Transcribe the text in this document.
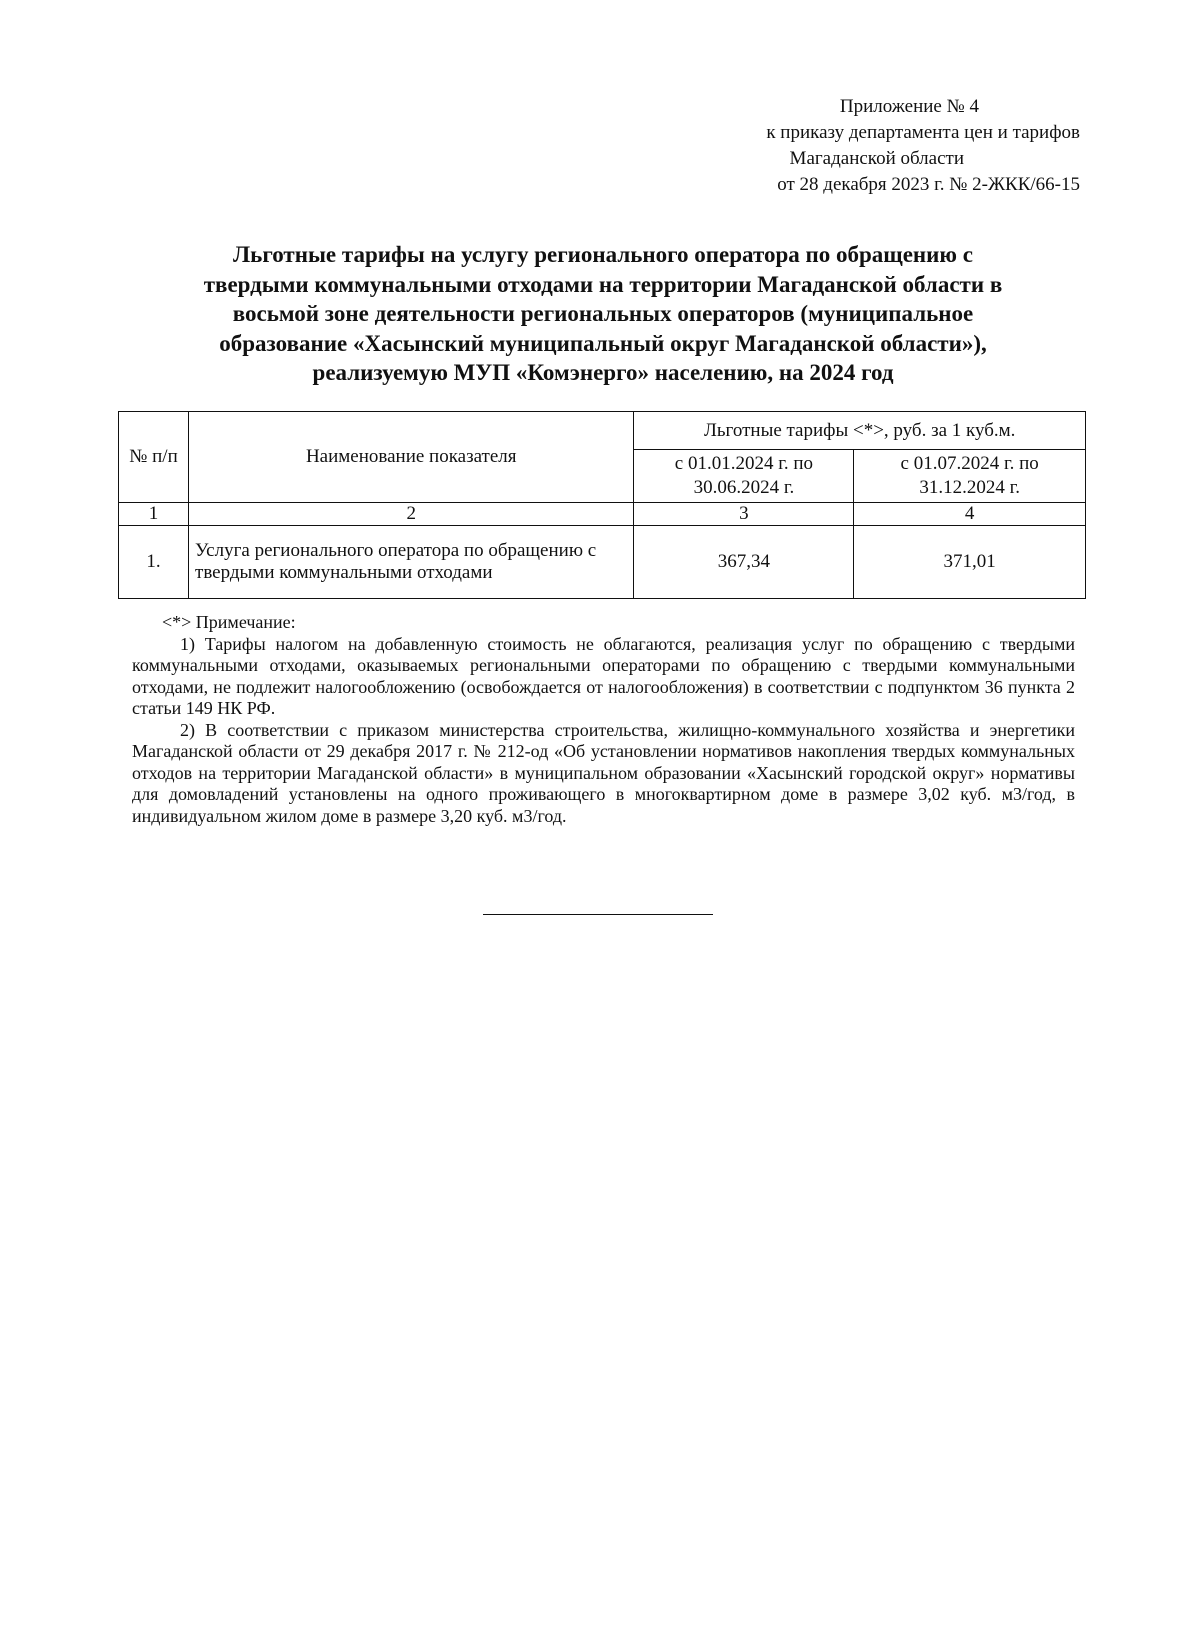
Приложение № 4
к приказу департамента цен и тарифов
Магаданской области
от 28 декабря 2023 г. № 2-ЖКК/66-15
Льготные тарифы на услугу регионального оператора по обращению с
твердыми коммунальными отходами на территории Магаданской области в
восьмой зоне деятельности региональных операторов (муниципальное
образование «Хасынский муниципальный округ Магаданской области»),
реализуемую МУП «Комэнерго» населению, на 2024 год
№ п/п	Наименование показателя	Льготные тарифы <*>, руб. за 1 куб.м.	
		с 01.01.2024 г. по 30.06.2024 г.	с 01.07.2024 г. по 31.12.2024 г.
1	2	3	4
1.	Услуга регионального оператора по обращению с твердыми коммунальными отходами	367,34	371,01

<*> Примечание:

1) Тарифы налогом на добавленную стоимость не облагаются, реализация услуг по обращению с твердыми коммунальными отходами, оказываемых региональными операторами по обращению с твердыми коммунальными отходами, не подлежит налогообложению (освобождается от налогообложения) в соответствии с подпунктом 36 пункта 2 статьи 149 НК РФ.

2) В соответствии с приказом министерства строительства, жилищно-коммунального хозяйства и энергетики Магаданской области от 29 декабря 2017 г. № 212-од «Об установлении нормативов накопления твердых коммунальных отходов на территории Магаданской области» в муниципальном образовании «Хасынский городской округ» нормативы для домовладений установлены на одного проживающего в многоквартирном доме в размере 3,02 куб. м3/год, в индивидуальном жилом доме в размере 3,20 куб. м3/год.
